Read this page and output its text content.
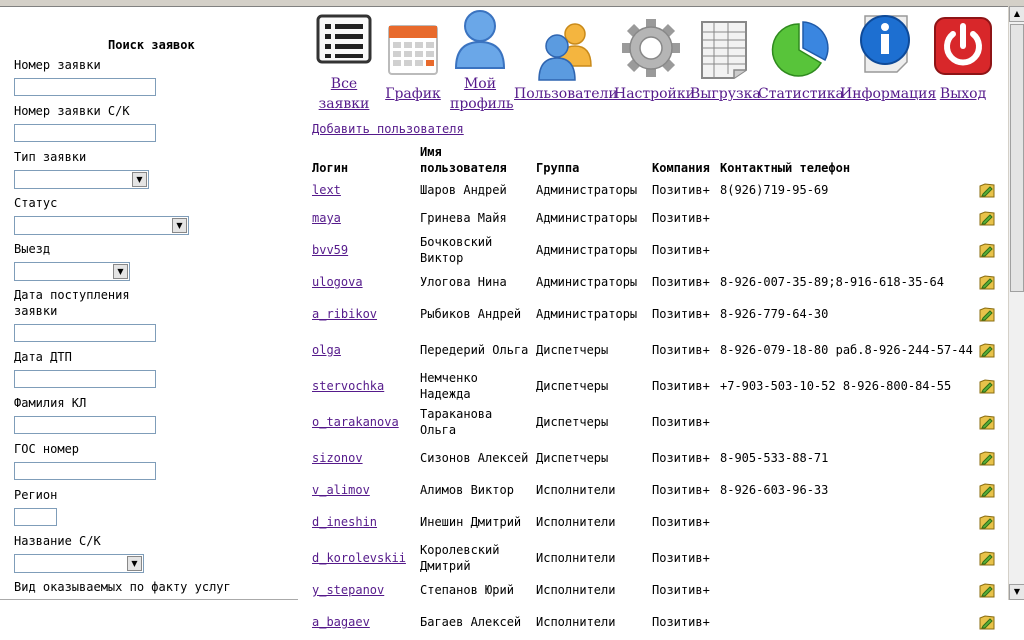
Поиск заявок
Номер заявки
Номер заявки С/К
Тип заявки
▼
Статус
▼
Выезд
▼
Дата поступления заявки
Дата ДТП
Фамилия КЛ
ГОС номер
Регион
Название С/К
▼
Вид оказываемых по факту услуг
Все заявки
График
Мой профиль
Пользователи
Настройки
Выгрузка
Статистика
Информация Выход
Добавить пользователя
Логин	Имя пользователя	Группа	Компания	Контактный телефон	
lext	Шаров Андрей	Администраторы	Позитив+	8(926)719-95-69	
maya	Гринева Майя	Администраторы	Позитив+		
bvv59	Бочковский Виктор	Администраторы	Позитив+		
ulogova	Улогова Нина	Администраторы	Позитив+	8-926-007-35-89;8-916-618-35-64	
a_ribikov	Рыбиков Андрей	Администраторы	Позитив+	8-926-779-64-30	
olga	Передерий Ольга	Диспетчеры	Позитив+	8-926-079-18-80 раб.8-926-244-57-44	
stervochka	Немченко Надежда	Диспетчеры	Позитив+	+7-903-503-10-52 8-926-800-84-55	
o_tarakanova	Тараканова Ольга	Диспетчеры	Позитив+		
sizonov	Сизонов Алексей	Диспетчеры	Позитив+	8-905-533-88-71	
v_alimov	Алимов Виктор	Исполнители	Позитив+	8-926-603-96-33	
d_ineshin	Инешин Дмитрий	Исполнители	Позитив+		
d_korolevskii	Королевский Дмитрий	Исполнители	Позитив+		
y_stepanov	Степанов Юрий	Исполнители	Позитив+		
a_bagaev	Багаев Алексей	Исполнители	Позитив+		
▲
▼
